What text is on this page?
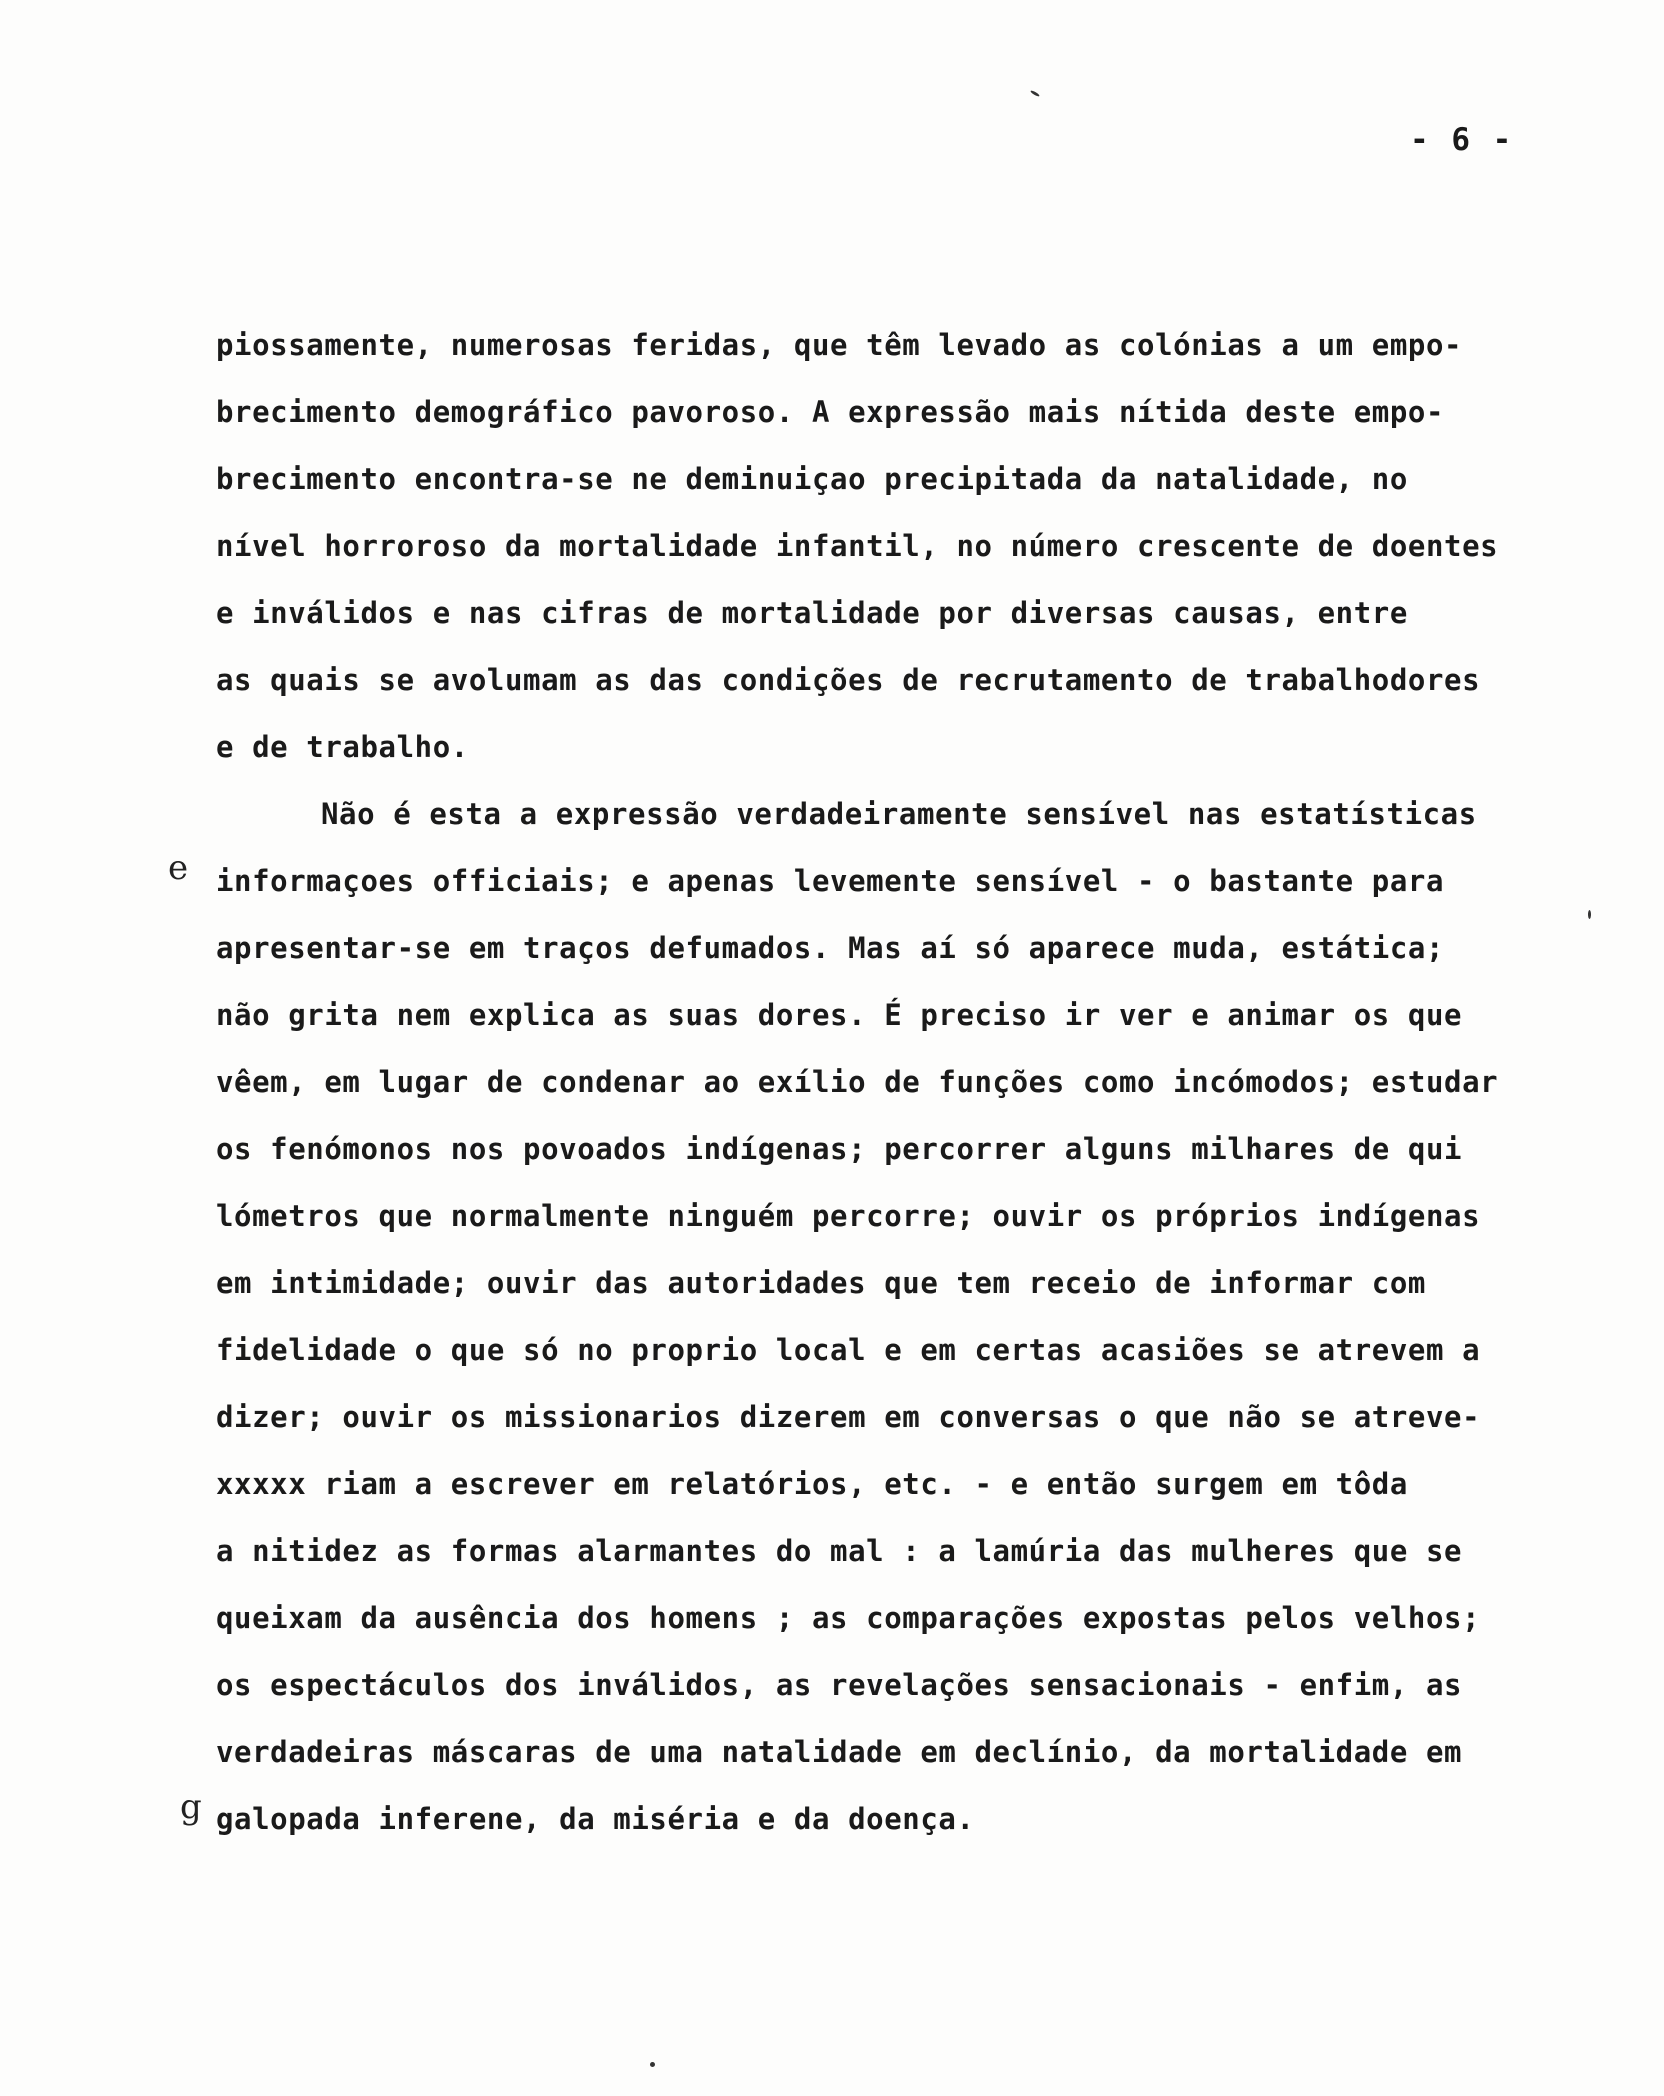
- 6 -
e
g
piossamente, numerosas feridas, que têm levado as colónias a um empo-
brecimento demográfico pavoroso. A expressão mais nítida deste empo-
brecimento encontra-se ne deminuiçao precipitada da natalidade, no
nível horroroso da mortalidade infantil, no número crescente de doentes
e inválidos e nas cifras de mortalidade por diversas causas, entre
as quais se avolumam as das condições de recrutamento de trabalhodores
e de trabalho.
Não é esta a expressão verdadeiramente sensível nas estatísticas
informaçoes officiais; e apenas levemente sensível - o bastante para
apresentar-se em traços defumados. Mas aí só aparece muda, estática;
não grita nem explica as suas dores. É preciso ir ver e animar os que
vêem, em lugar de condenar ao exílio de funções como incómodos; estudar
os fenómonos nos povoados indígenas; percorrer alguns milhares de qui
lómetros que normalmente ninguém percorre; ouvir os próprios indígenas
em intimidade; ouvir das autoridades que tem receio de informar com
fidelidade o que só no proprio local e em certas acasiões se atrevem a
dizer; ouvir os missionarios dizerem em conversas o que não se atreve-
xxxxx riam a escrever em relatórios, etc. - e então surgem em tôda
a nitidez as formas alarmantes do mal : a lamúria das mulheres que se
queixam da ausência dos homens ; as comparações expostas pelos velhos;
os espectáculos dos inválidos, as revelações sensacionais - enfim, as
verdadeiras máscaras de uma natalidade em declínio, da mortalidade em
galopada inferene, da miséria e da doença.
